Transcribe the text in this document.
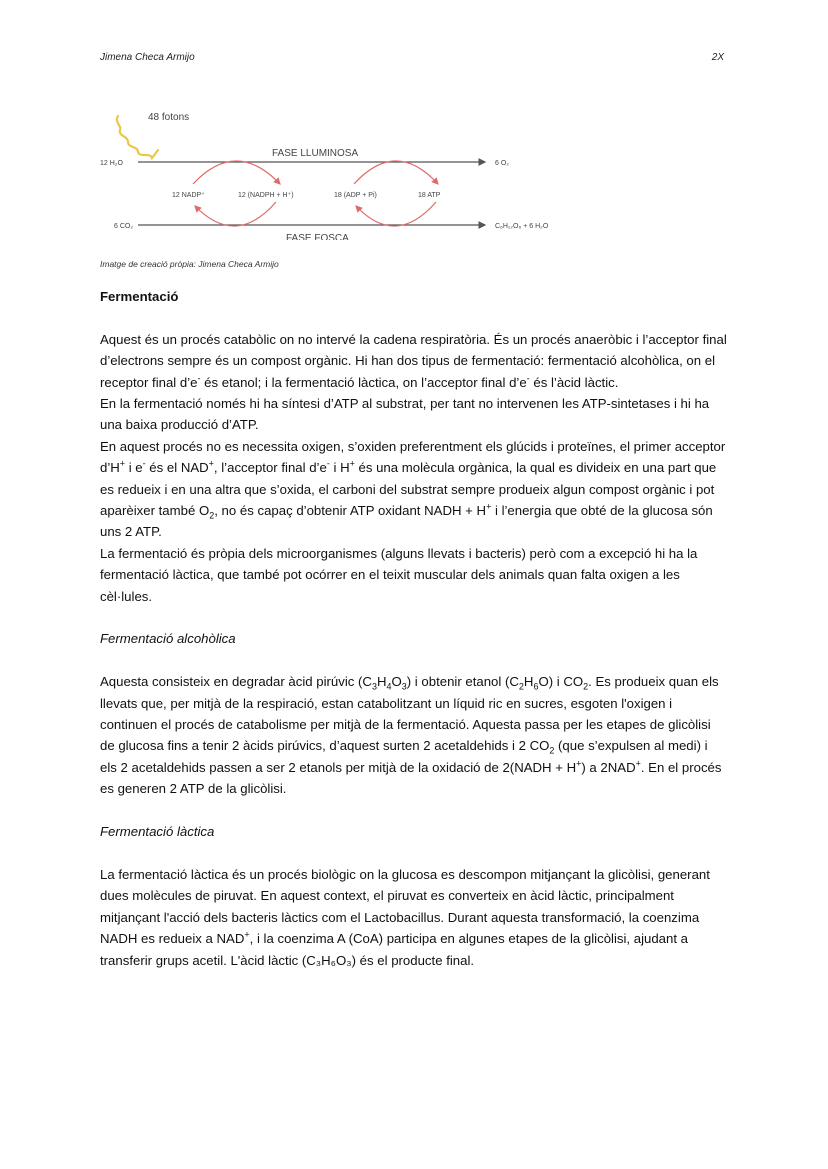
Jimena Checa Armijo	2X
48 fotons
FASE LLUMINOSA
12 H₂O	6 O₂
6 CO₂	C₆H₁₂O₆ + 6 H₂O
FASE FOSCA
12 NADP⁺	12 (NADPH + H⁺)	18 (ADP + Pi)	18 ATP
Imatge de creació pròpia: Jimena Checa Armijo

Fermentació

Aquest és un procés catabòlic on no intervé la cadena respiratòria. És un procés anaeròbic i l’acceptor final d’electrons sempre és un compost orgànic. Hi han dos tipus de fermentació: fermentació alcohòlica, on el receptor final d’e- és etanol; i la fermentació làctica, on l’acceptor final d’e- és l’àcid làctic.

En la fermentació només hi ha síntesi d’ATP al substrat, per tant no intervenen les ATP-sintetases i hi ha una baixa producció d’ATP.

En aquest procés no es necessita oxigen, s’oxiden preferentment els glúcids i proteïnes, el primer acceptor d’H+ i e- és el NAD+, l’acceptor final d’e- i H+ és una molècula orgànica, la qual es divideix en una part que es redueix i en una altra que s’oxida, el carboni del substrat sempre produeix algun compost orgànic i pot aparèixer també $O_2$, no és capaç d’obtenir ATP oxidant NADH + H+ i l’energia que obté de la glucosa són uns 2 ATP.

La fermentació és pròpia dels microorganismes (alguns llevats i bacteris) però com a excepció hi ha la fermentació làctica, que també pot ocórrer en el teixit muscular dels animals quan falta oxigen a les cèl·lules.

Fermentació alcohòlica

Aquesta consisteix en degradar àcid pirúvic $(C_3H_4O_3)$ i obtenir etanol $(C_2H_6O)$ i $CO_2$. Es produeix quan els llevats que, per mitjà de la respiració, estan catabolitzant un líquid ric en sucres, esgoten l'oxigen i continuen el procés de catabolisme per mitjà de la fermentació. Aquesta passa per les etapes de glicòlisi de glucosa fins a tenir 2 àcids pirúvics, d’aquest surten 2 acetaldehids i 2 $CO_2$ (que s’expulsen al medi) i els 2 acetaldehids passen a ser 2 etanols per mitjà de la oxidació de 2(NADH + H+) a 2NAD+. En el procés es generen 2 ATP de la glicòlisi.

Fermentació làctica

La fermentació làctica és un procés biològic on la glucosa es descompon mitjançant la glicòlisi, generant dues molècules de piruvat. En aquest context, el piruvat es converteix en àcid làctic, principalment mitjançant l'acció dels bacteris làctics com el Lactobacillus. Durant aquesta transformació, la coenzima NADH es redueix a NAD+, i la coenzima A (CoA) participa en algunes etapes de la glicòlisi, ajudant a transferir grups acetil. L'àcid làctic (C₃H₆O₃) és el producte final.
